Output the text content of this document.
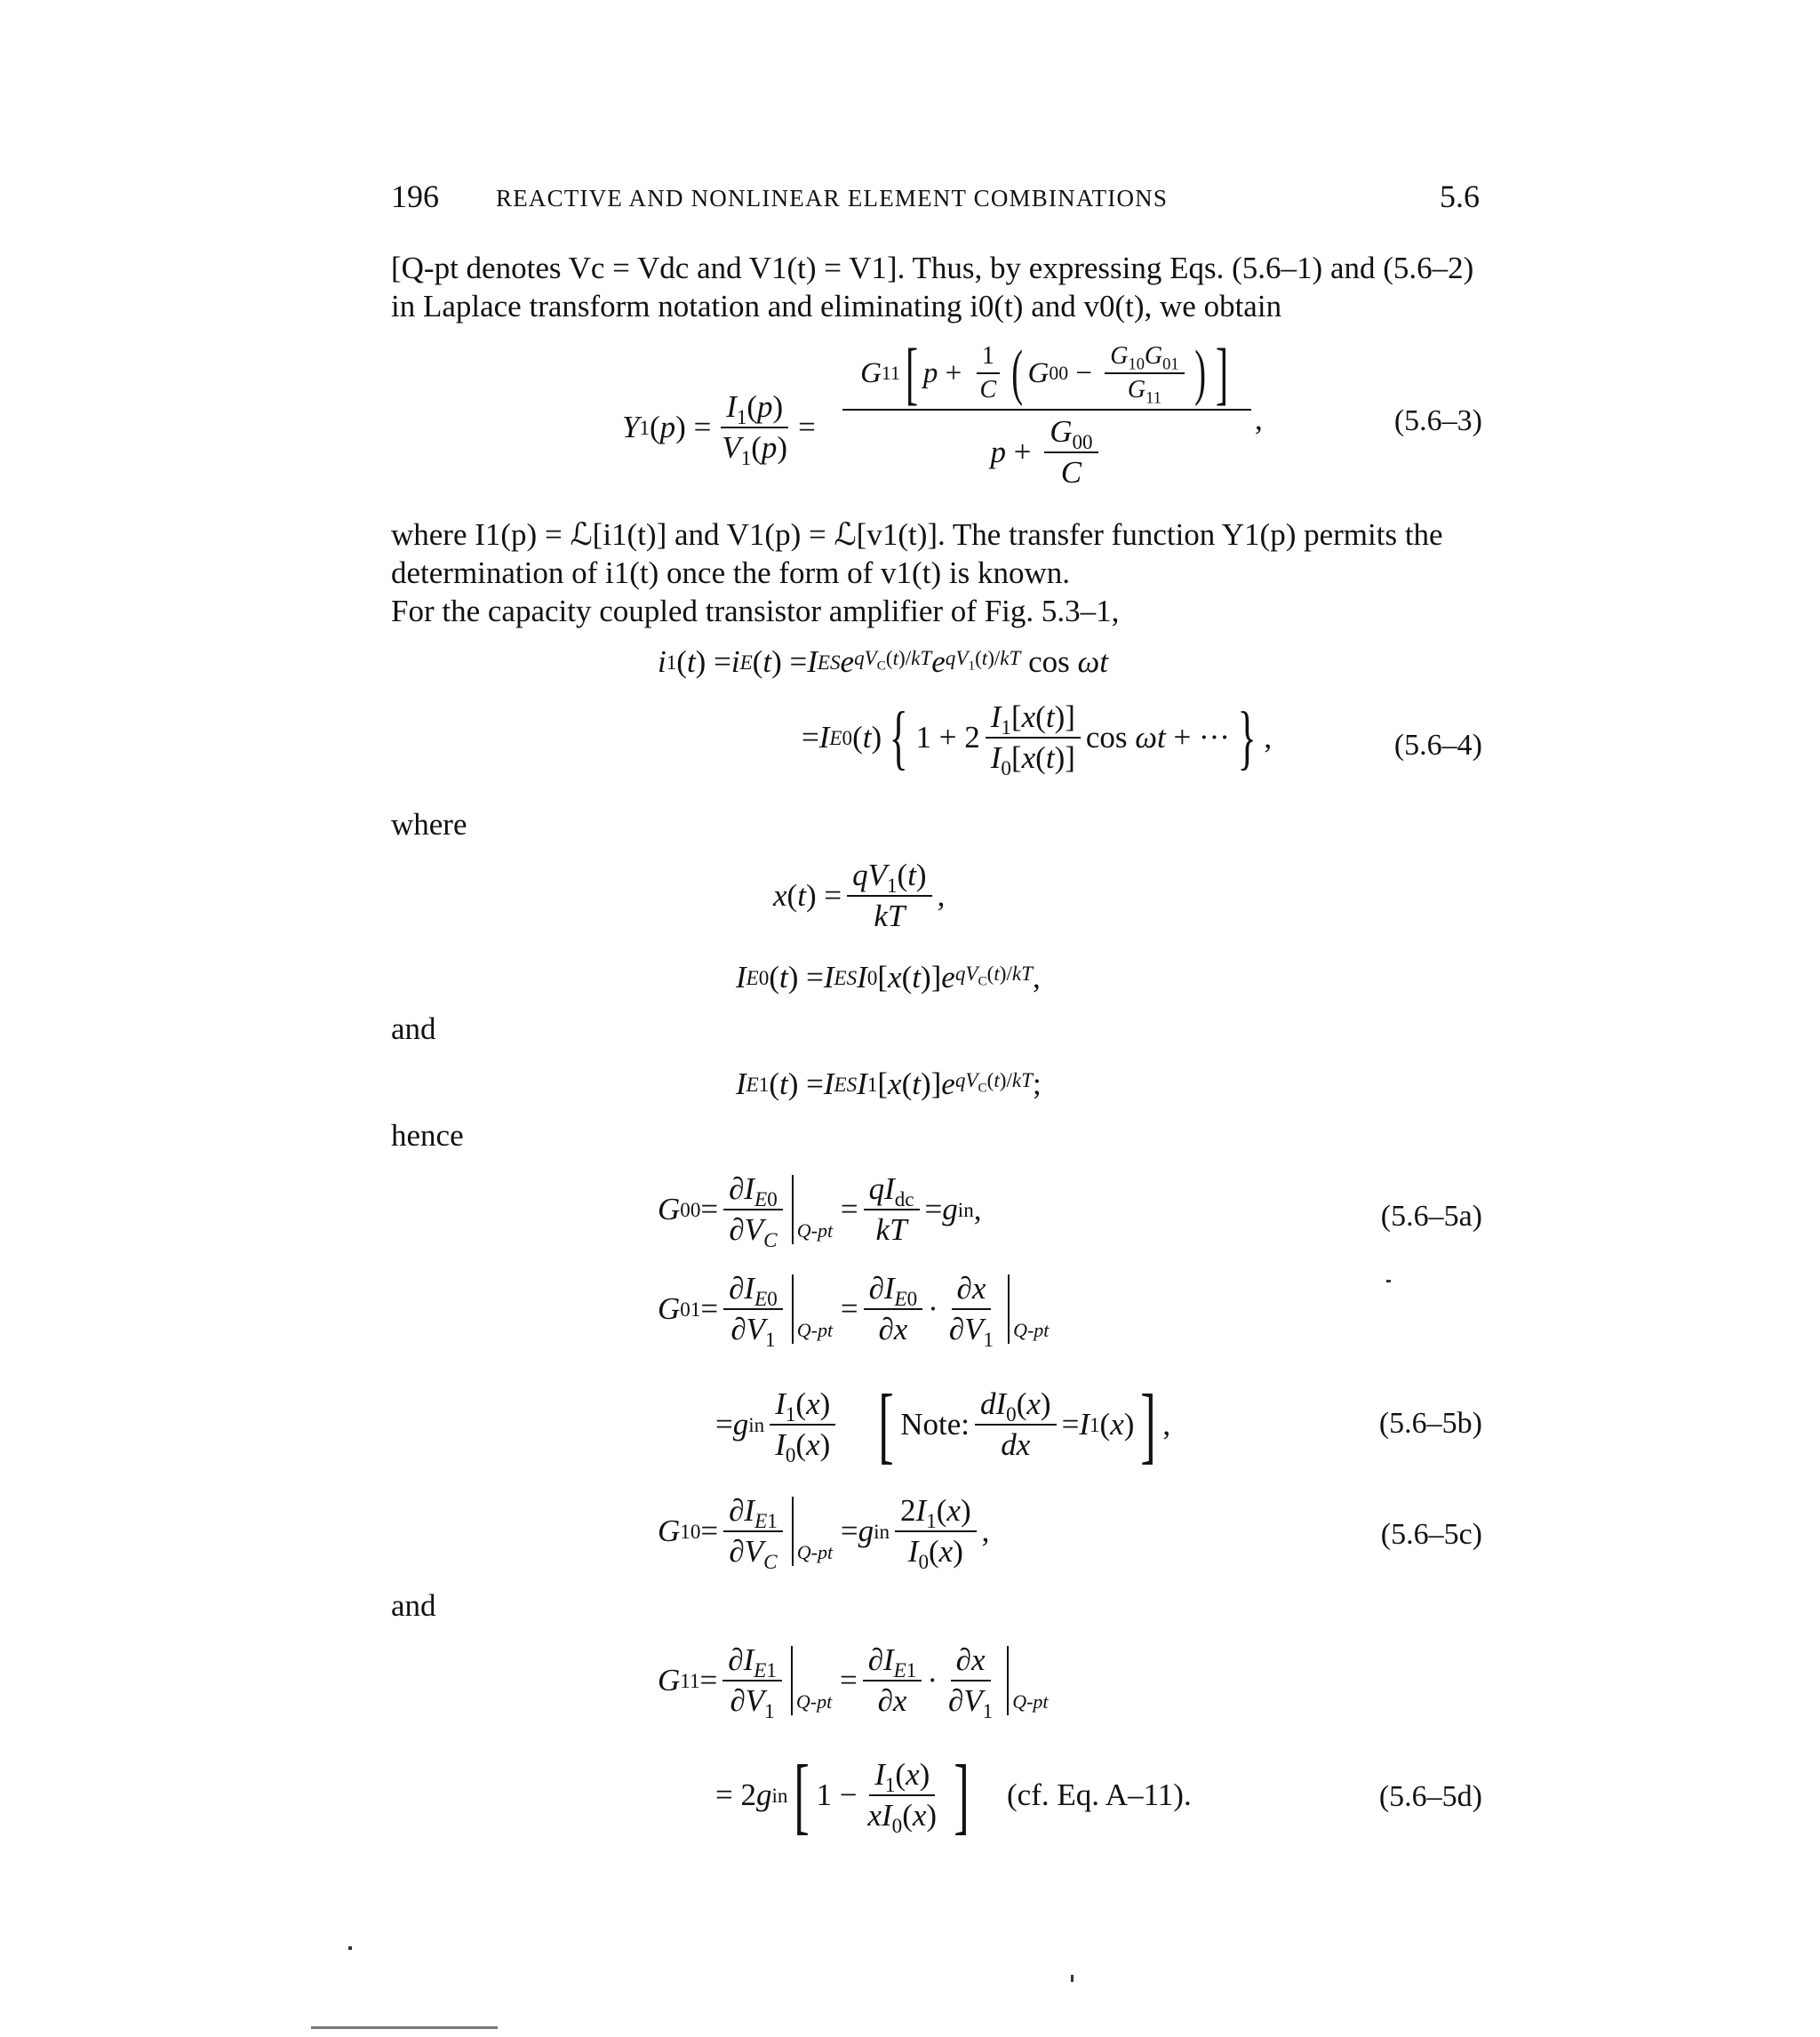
196 REACTIVE AND NONLINEAR ELEMENT COMBINATIONS	5.6

[Q-pt denotes Vc = Vdc and V1(t) = V1]. Thus, by expressing Eqs. (5.6–1) and (5.6–2) in Laplace transform notation and eliminating i0(t) and v0(t), we obtain

Y 1 ( p ) = $\frac{I_1(p)}{V_1(p)}$ =
G 11 [ $p + \frac{1}{C}$ ( G $00 - \frac{G_{10}G_{01}}{G_{11}}$ ) ]
$p + \frac{G_{00}}{C}$	,	(5.6–3)

where I1(p) = ℒ[i1(t)] and V1(p) = ℒ[v1(t)]. The transfer function Y1(p) permits the determination of i1(t) once the form of v1(t) is known.

For the capacity coupled transistor amplifier of Fig. 5.3–1,

i 1 ( t ) = i E ( t ) = I ES e $qV_C(t)/kT$ e $qV_1(t)/kT$ cos ωt
= I E0 ( t ) { $1 + 2 \frac{I_1[x(t)]}{I_0[x(t)]}$ cos ωt + ··· } ,	(5.6–4)
where
x ( t ) = $\frac{qV_1(t)}{kT}$ ,
I E0 ( t ) = I ES I 0 [ x ( t )] e $qV_C(t)/kT$ ,
and
I E1 ( t ) = I ES I 1 [ x ( t )] e $qV_C(t)/kT$ ;
hence
G $00 = \frac{\partial I_{E0}}{\partial V_C} Q-pt$
= $\frac{qI_{dc}}{kT} = g$ in ,	(5.6–5a)
G $01 = \frac{\partial I_{E0}}{\partial V_1} Q-pt$
= $\frac{\partial I_{E0}}{\partial x} \cdot \frac{\partial x}{\partial V_1} Q-pt$
= g in $\frac{I_1(x)}{I_0(x)}$
[ Note: $\frac{dI_0(x)}{dx} = I$ 1 ( x ) ] ,	(5.6–5b)
G $10 = \frac{\partial I_{E1}}{\partial V_C} Q-pt$
= g in $\frac{2I_1(x)}{I_0(x)}$ ,	(5.6–5c)
and
G $11 = \frac{\partial I_{E1}}{\partial V_1} Q-pt$
= $\frac{\partial I_{E1}}{\partial x} \cdot \frac{\partial x}{\partial V_1} Q-pt$
= 2 g in [ $1 - \frac{I_1(x)}{xI_0(x)}$ ]
(cf. Eq. A–11).	(5.6–5d)
